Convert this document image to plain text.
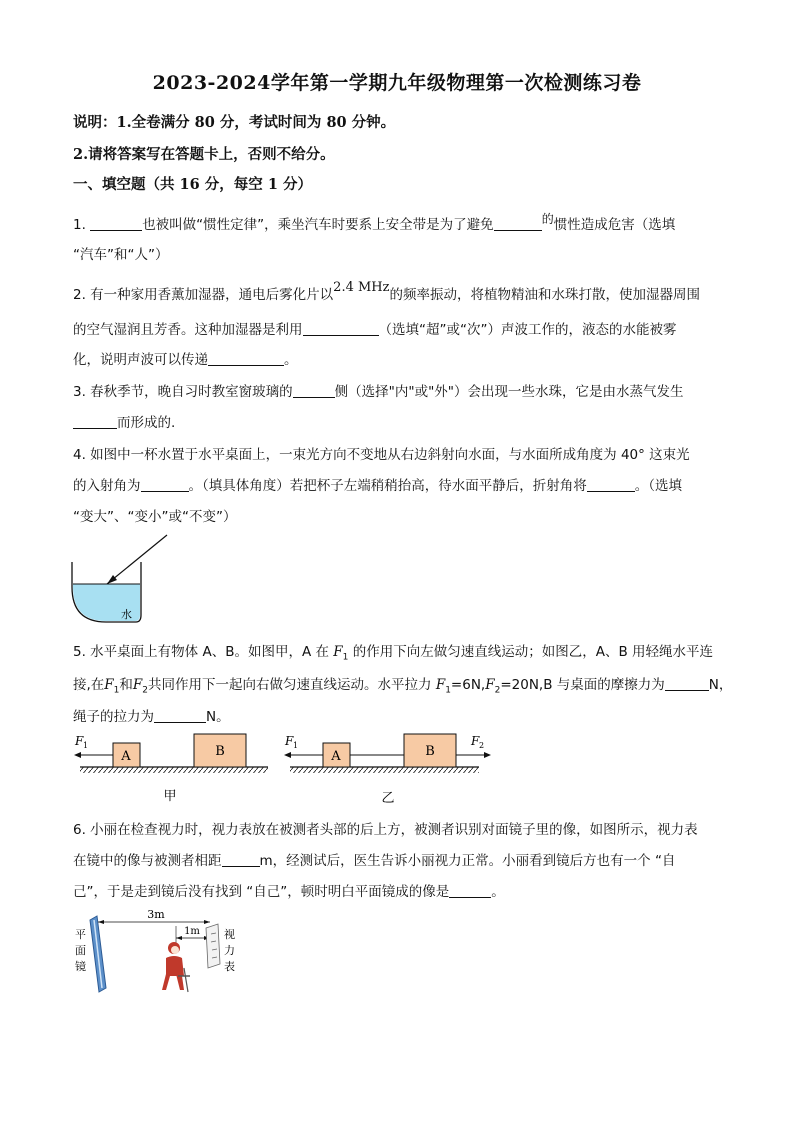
2023-2024学年第一学期九年级物理第一次检测练习卷
说明：1.全卷满分 80 分，考试时间为 80 分钟。
2.请将答案写在答题卡上，否则不给分。
一、填空题（共 16 分，每空 1 分）
1.	也被叫做“惯性定律”，乘坐汽车时要系上安全带是为了避免	的惯性造成危害（选填
“汽车”和“人”）
2. 有一种家用香薰加湿器，通电后雾化片以2.4 MHz的频率振动，将植物精油和水珠打散，使加湿器周围
的空气湿润且芳香。这种加湿器是利用	（选填“超”或“次”）声波工作的，液态的水能被雾
化，说明声波可以传递	。
3. 春秋季节，晚自习时教室窗玻璃的	侧（选择"内"或"外"）会出现一些水珠，它是由水蒸气发生
而形成的.
4. 如图中一杯水置于水平桌面上，一束光方向不变地从右边斜射向水面，与水面所成角度为 40° 这束光
的入射角为	。（填具体角度）若把杯子左端稍稍抬高，待水面平静后，折射角将	。（选填
“变大”、“变小”或“不变”）
水
5. 水平桌面上有物体 A、B。如图甲，A 在 $F_1$ 的作用下向左做匀速直线运动；如图乙，A、B 用轻绳水平连
接,在$F_1$和$F_2$共同作用下一起向右做匀速直线运动。水平拉力 $F_1=6N,F_2=20N,B$ 与桌面的摩擦力为	N，
绳子的拉力为	N。
A	B
F 1
甲
A	B
F 1	F 2
乙
6. 小丽在检查视力时，视力表放在被测者头部的后上方，被测者识别对面镜子里的像，如图所示，视力表
在镜中的像与被测者相距	m，经测试后，医生告诉小丽视力正常。小丽看到镜后方也有一个 “自
己”，于是走到镜后没有找到 “自己”，顿时明白平面镜成的像是	。
3m
1m
平
面
镜
视
力
表
